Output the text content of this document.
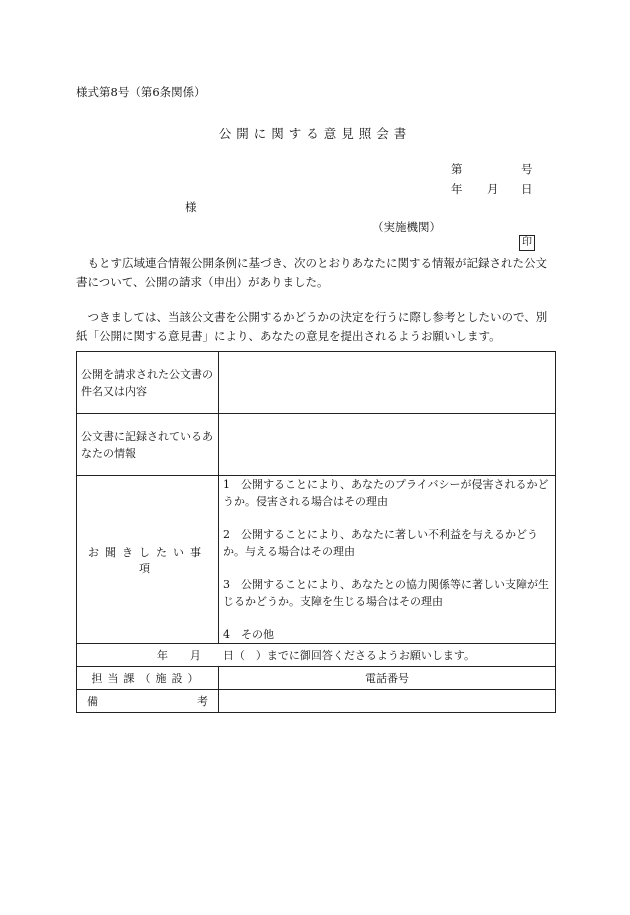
様式第8号（第6条関係）
公開に関する意見照会書
第	号
年 月 日
様
（実施機関）
印
　もとす広域連合情報公開条例に基づき、次のとおりあなたに関する情報が記録された公文書について、公開の請求（申出）がありました。
　つきましては、当該公文書を公開するかどうかの決定を行うに際し参考としたいので、別紙「公開に関する意見書」により、あなたの意見を提出されるようお願いします。
公開を請求された公文書の件名又は内容	
公文書に記録されているあなたの情報	
お聞きしたい事項	1　公開することにより、あなたのプライバシーが侵害されるかどうか。侵害される場合はその理由
2　公開することにより、あなたに著しい不利益を与えるかどうか。与える場合はその理由
3　公開することにより、あなたとの協力関係等に著しい支障が生じるかどうか。支障を生じる場合はその理由
4　その他

年　　月　　日（　）までに御回答くださるようお願いします。	
担当課（施設）	電話番号

備 考	
